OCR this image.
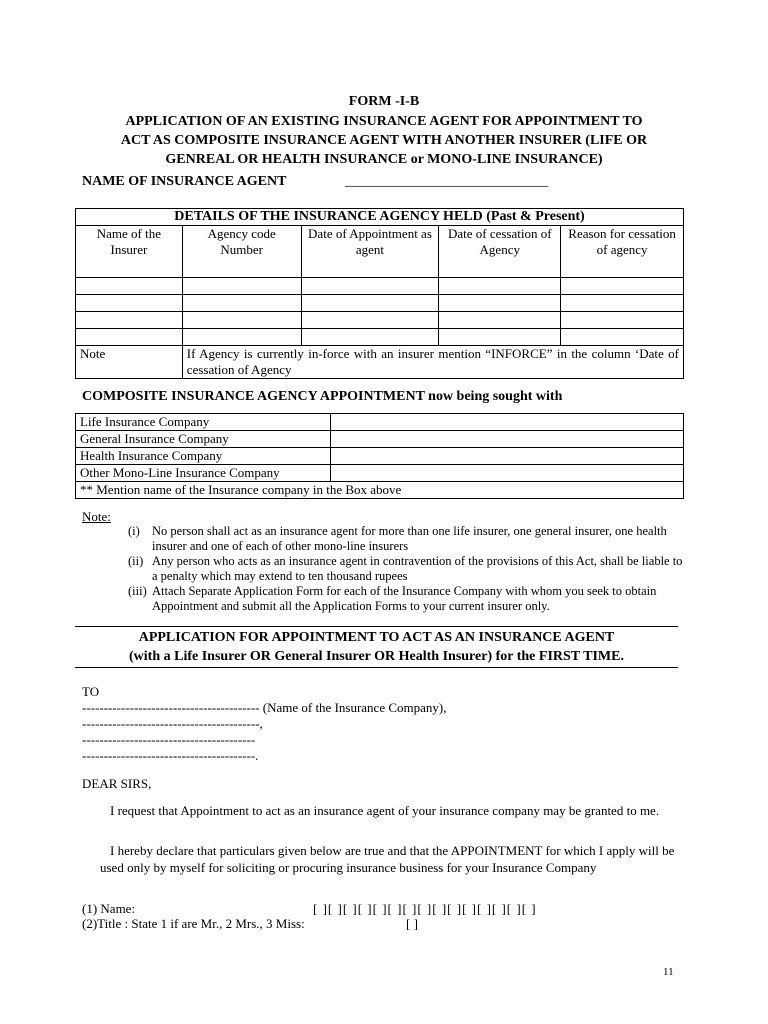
FORM -I-B
APPLICATION OF AN EXISTING INSURANCE AGENT FOR APPOINTMENT TO
ACT AS COMPOSITE INSURANCE AGENT WITH ANOTHER INSURER (LIFE OR
GENREAL OR HEALTH INSURANCE or MONO-LINE INSURANCE)
NAME OF INSURANCE AGENT	_____________________________
DETAILS OF THE INSURANCE AGENCY HELD (Past & Present)				
Name of the Insurer	Agency code Number	Date of Appointment as agent	Date of cessation of Agency	Reason for cessation of agency

Note	If Agency is currently in-force with an insurer mention “INFORCE” in the column ‘Date of cessation of Agency			
COMPOSITE INSURANCE AGENCY APPOINTMENT now being sought with
Life Insurance Company	
General Insurance Company	
Health Insurance Company	
Other Mono-Line Insurance Company	
** Mention name of the Insurance company in the Box above	
Note:
(i) No person shall act as an insurance agent for more than one life insurer, one general insurer, one health insurer and one of each of other mono-line insurers
(ii) Any person who acts as an insurance agent in contravention of the provisions of this Act, shall be liable to a penalty which may extend to ten thousand rupees
(iii) Attach Separate Application Form for each of the Insurance Company with whom you seek to obtain Appointment and submit all the Application Forms to your current insurer only.
APPLICATION FOR APPOINTMENT TO ACT AS AN INSURANCE AGENT
(with a Life Insurer OR General Insurer OR Health Insurer) for the FIRST TIME.
TO
----------------------------------------- (Name of the Insurance Company),
-----------------------------------------,
----------------------------------------
----------------------------------------.
DEAR SIRS,
I request that Appointment to act as an insurance agent of your insurance company may be granted to me.
I hereby declare that particulars given below are true and that the APPOINTMENT for which I apply will be used only by myself for soliciting or procuring insurance business for your Insurance Company
(1) Name:	[ ][ ][ ][ ][ ][ ][ ][ ][ ][ ][ ][ ][ ][ ][ ]
(2)Title : State 1 if are Mr., 2 Mrs., 3 Miss:	[ ]
11
